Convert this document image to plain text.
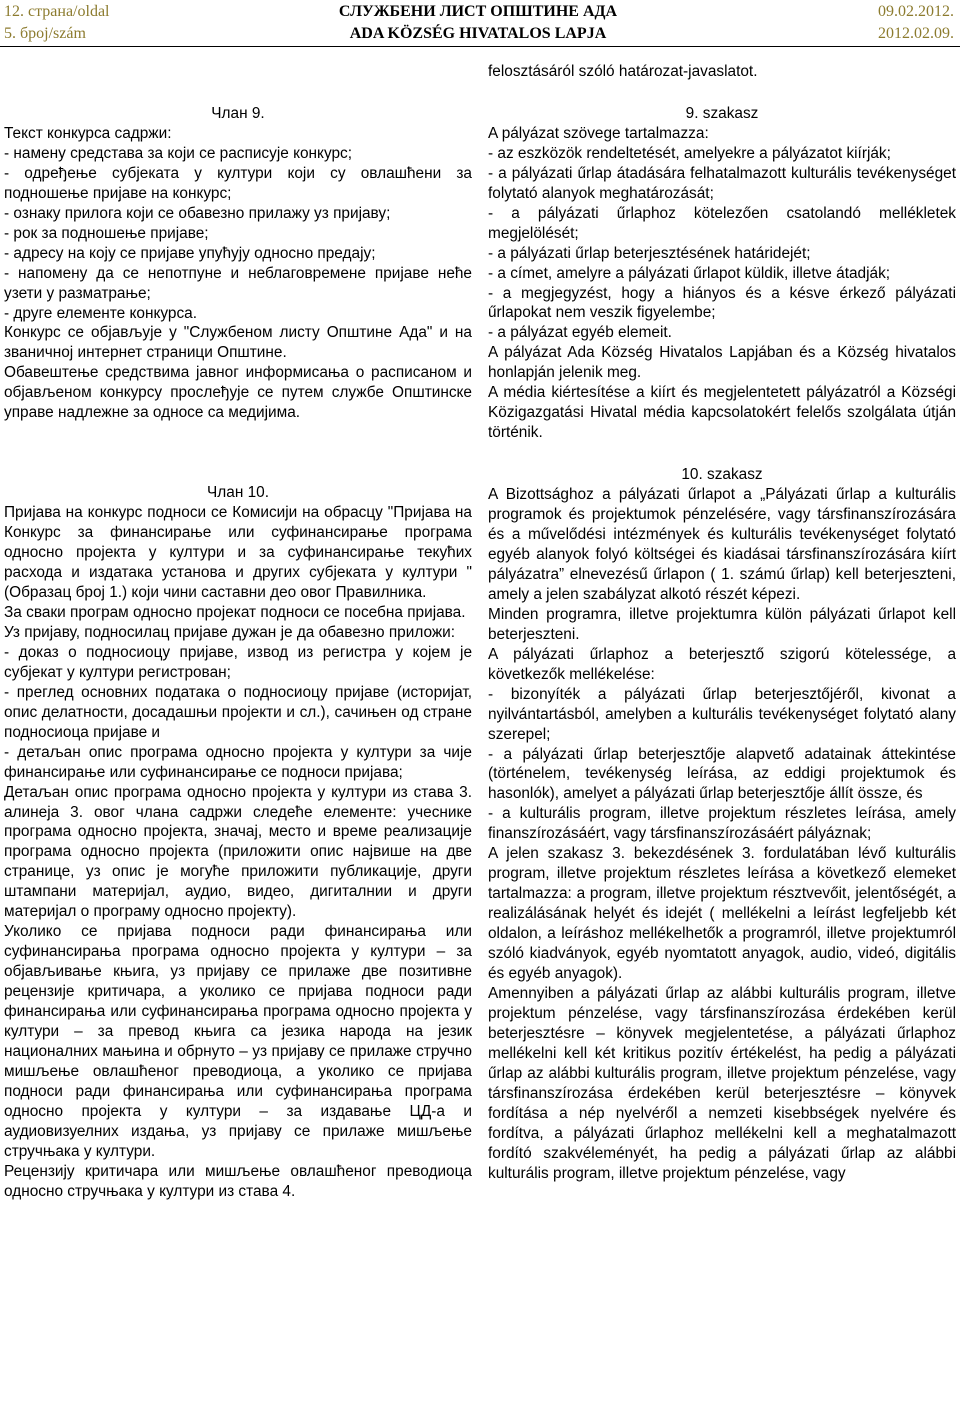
12. страна/oldal
5. број/szám
СЛУЖБЕНИ ЛИСТ ОПШТИНЕ АДА
ADA KÖZSÉG HIVATALOS LAPJA
09.02.2012.
2012.02.09.

Члан 9.

Текст конкурса садржи:

- намену средстава за који се расписује конкурс;

- одређење субјеката у култури који су овлашћени за подношење пријаве на конкурс;

- ознаку прилога који се обавезно прилажу уз пријаву;

- рок за подношење пријаве;

- адресу на коју се пријаве упућују односно предају;

- напомену да се непотпуне и неблаговремене пријаве неће узети у разматрање;

- друге елементе конкурса.

Конкурс се објављује у "Службеном листу Општине Ада" и на званичној интернет страници Општине.

Обавештење средствима јавног информисања о расписаном и објављеном конкурсу прослеђује се путем службе Општинске управе надлежне за односе са медијима.

Члан 10.

Пријава на конкурс подноси се Комисији на обрасцу "Пријава на Конкурс за финансирање или суфинансирање програма односно пројекта у култури и за суфинансирање текућих расхода и издатака установа и других субјеката у култури " (Образац број 1.) који чини саставни део овог Правилника.

За сваки програм односно пројекат подноси се посебна пријава.

Уз пријаву, подносилац пријаве дужан је да обавезно приложи:

- доказ о подносиоцу пријаве, извод из регистра у којем је субјекат у култури регистрован;

- преглед основних података о подносиоцу пријаве (историјат, опис делатности, досадашњи пројекти и сл.), сачињен од стране подносиоца пријаве и

- детаљан опис програма односно пројекта у култури за чије финансирање или суфинансирање се подноси пријава;

Детаљан опис програма односно пројекта у култури из става 3. алинеја 3. овог члана садржи следеће елементе: учеснике програма односно пројекта, значај, место и време реализације програма односно пројекта (приложити опис највише на две странице, уз опис је могуће приложити публикације, други штампани материјал, аудио, видео, дигиталнии и други материјал о програму односно пројекту).

Уколико се пријава подноси ради финансирања или суфинансирања програма односно пројекта у култури – за објављивање књига, уз пријаву се прилаже две позитивне рецензије критичара, а уколико се пријава подноси ради финансирања или суфинансирања програма односно пројекта у култури – за превод књига са језика народа на језик националних мањина и обрнуто – уз пријаву се прилаже стручно мишљење овлашћеног преводиоца, а уколико се пријава подноси ради финансирања или суфинансирања програма односно пројекта у култури – за издавање ЦД-а и аудиовизуелних издања, уз пријаву се прилаже мишљење стручњака у култури.

Рецензију критичара или мишљење овлашћеног преводиоца односно стручњака у култури из става 4.

felosztásáról szóló határozat-javaslatot.

9. szakasz

A pályázat szövege tartalmazza:

- az eszközök rendeltetését, amelyekre a pályázatot kiírják;

- a pályázati űrlap átadására felhatalmazott kulturális tevékenységet folytató alanyok meghatározását;

- a pályázati űrlaphoz kötelezően csatolandó mellékletek megjelölését;

- a pályázati űrlap beterjesztésének határidejét;

- a címet, amelyre a pályázati űrlapot küldik, illetve átadják;

- a megjegyzést, hogy a hiányos és a késve érkező pályázati űrlapokat nem veszik figyelembe;

- a pályázat egyéb elemeit.

A pályázat Ada Község Hivatalos Lapjában és a Község hivatalos honlapján jelenik meg.

A média kiértesítése a kiírt és megjelentetett pályázatról a Községi Közigazgatási Hivatal média kapcsolatokért felelős szolgálata útján történik.

10. szakasz

A Bizottsághoz a pályázati űrlapot a „Pályázati űrlap a kulturális programok és projektumok pénzelésére, vagy társfinanszírozására és a művelődési intézmények és kulturális tevékenységet folytató egyéb alanyok folyó költségei és kiadásai társfinanszírozására kiírt pályázatra” elnevezésű űrlapon ( 1. számú űrlap) kell beterjeszteni, amely a jelen szabályzat alkotó részét képezi.

Minden programra, illetve projektumra külön pályázati űrlapot kell beterjeszteni.

A pályázati űrlaphoz a beterjesztő szigorú kötelessége, a következők mellékelése:

- bizonyíték a pályázati űrlap beterjesztőjéről, kivonat a nyilvántartásból, amelyben a kulturális tevékenységet folytató alany szerepel;

- a pályázati űrlap beterjesztője alapvető adatainak áttekintése (történelem, tevékenység leírása, az eddigi projektumok és hasonlók), amelyet a pályázati űrlap beterjesztője állít össze, és

- a kulturális program, illetve projektum részletes leírása, amely finanszírozásáért, vagy társfinanszírozásáért pályáznak;

A jelen szakasz 3. bekezdésének 3. fordulatában lévő kulturális program, illetve projektum részletes leírása a következő elemeket tartalmazza: a program, illetve projektum résztvevőit, jelentőségét, a realizálásának helyét és idejét ( mellékelni a leírást legfeljebb két oldalon, a leíráshoz mellékelhetők a programról, illetve projektumról szóló kiadványok, egyéb nyomtatott anyagok, audio, videó, digitális és egyéb anyagok).

Amennyiben a pályázati űrlap az alábbi kulturális program, illetve projektum pénzelése, vagy társfinanszírozása érdekében kerül beterjesztésre – könyvek megjelentetése, a pályázati űrlaphoz mellékelni kell két kritikus pozitív értékelést, ha pedig a pályázati űrlap az alábbi kulturális program, illetve projektum pénzelése, vagy társfinanszírozása érdekében kerül beterjesztésre – könyvek fordítása a nép nyelvéről a nemzeti kisebbségek nyelvére és fordítva, a pályázati űrlaphoz mellékelni kell a meghatalmazott fordító szakvéleményét, ha pedig a pályázati űrlap az alábbi kulturális program, illetve projektum pénzelése, vagy
